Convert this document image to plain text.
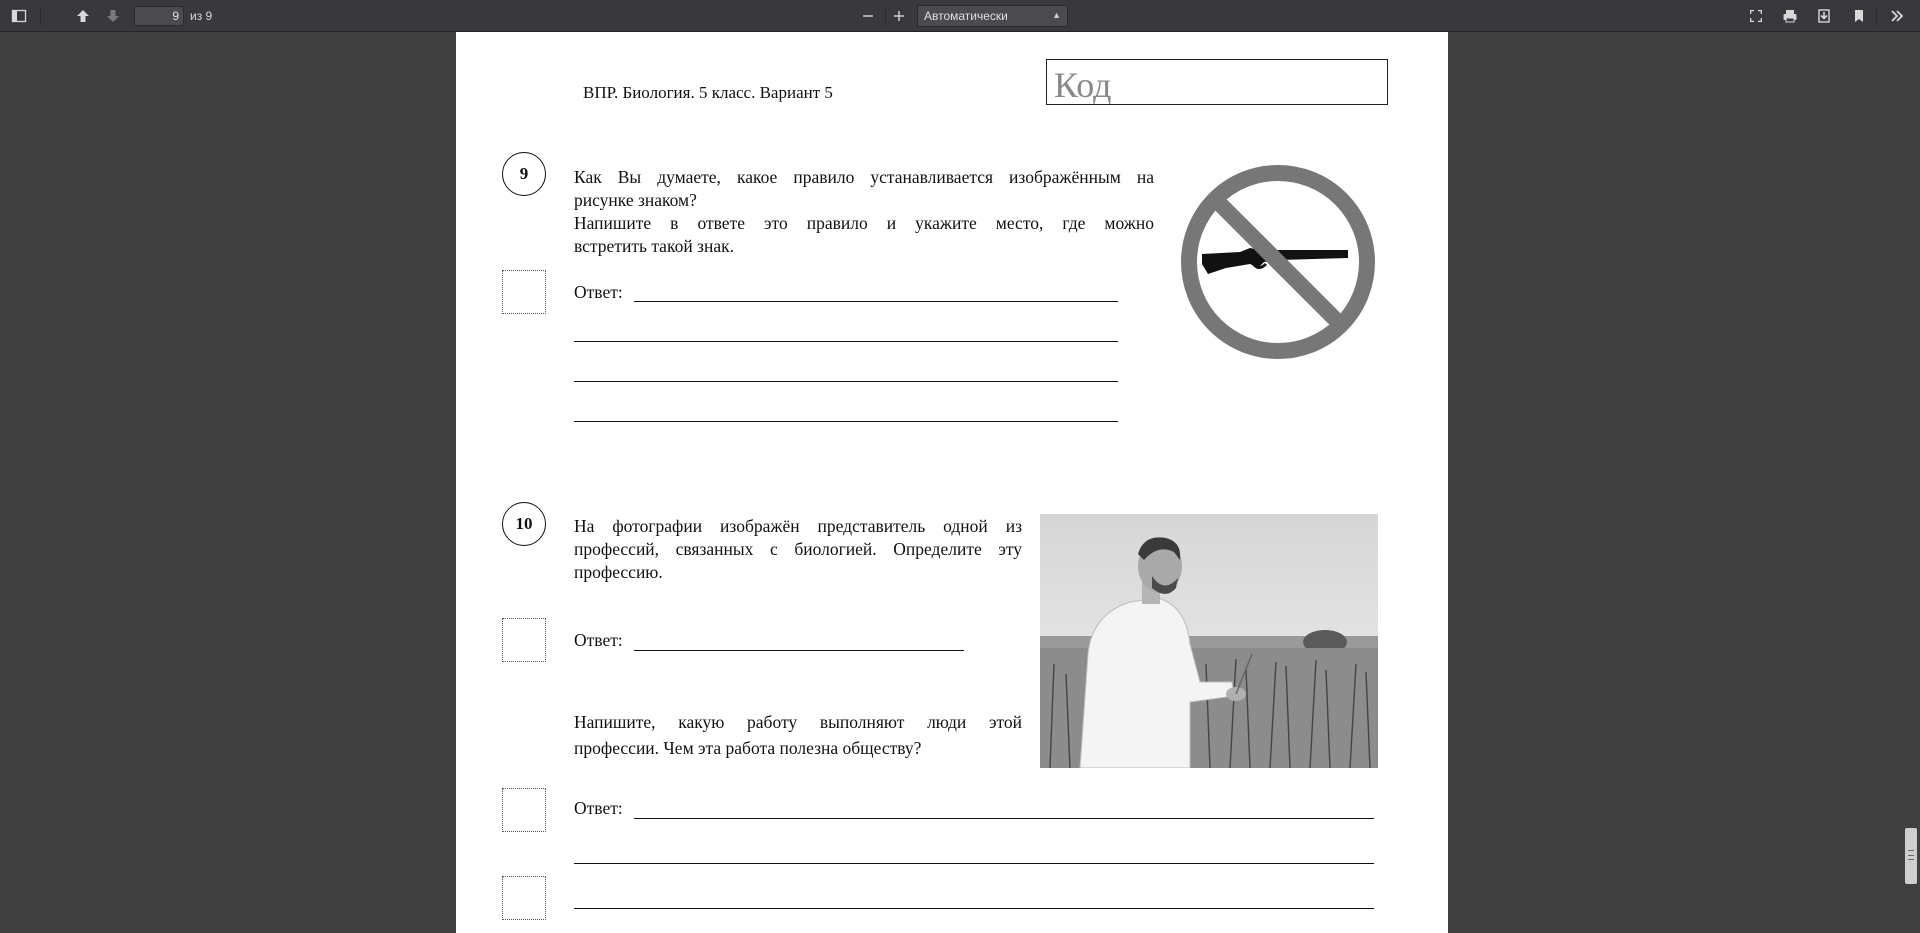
9
из 9	Автоматически	▲

ВПР. Биология. 5 класс. Вариант 5	Код
9	Как Вы думаете, какое правило устанавливается изображённым на
рисунке знаком?
Напишите в ответе это правило и укажите место, где можно
встретить такой знак.
Ответ:
10	На фотографии изображён представитель одной из
профессий, связанных с биологией. Определите эту
профессию.
Ответ:
Напишите, какую работу выполняют люди этой
профессии. Чем эта работа полезна обществу?
Ответ:
